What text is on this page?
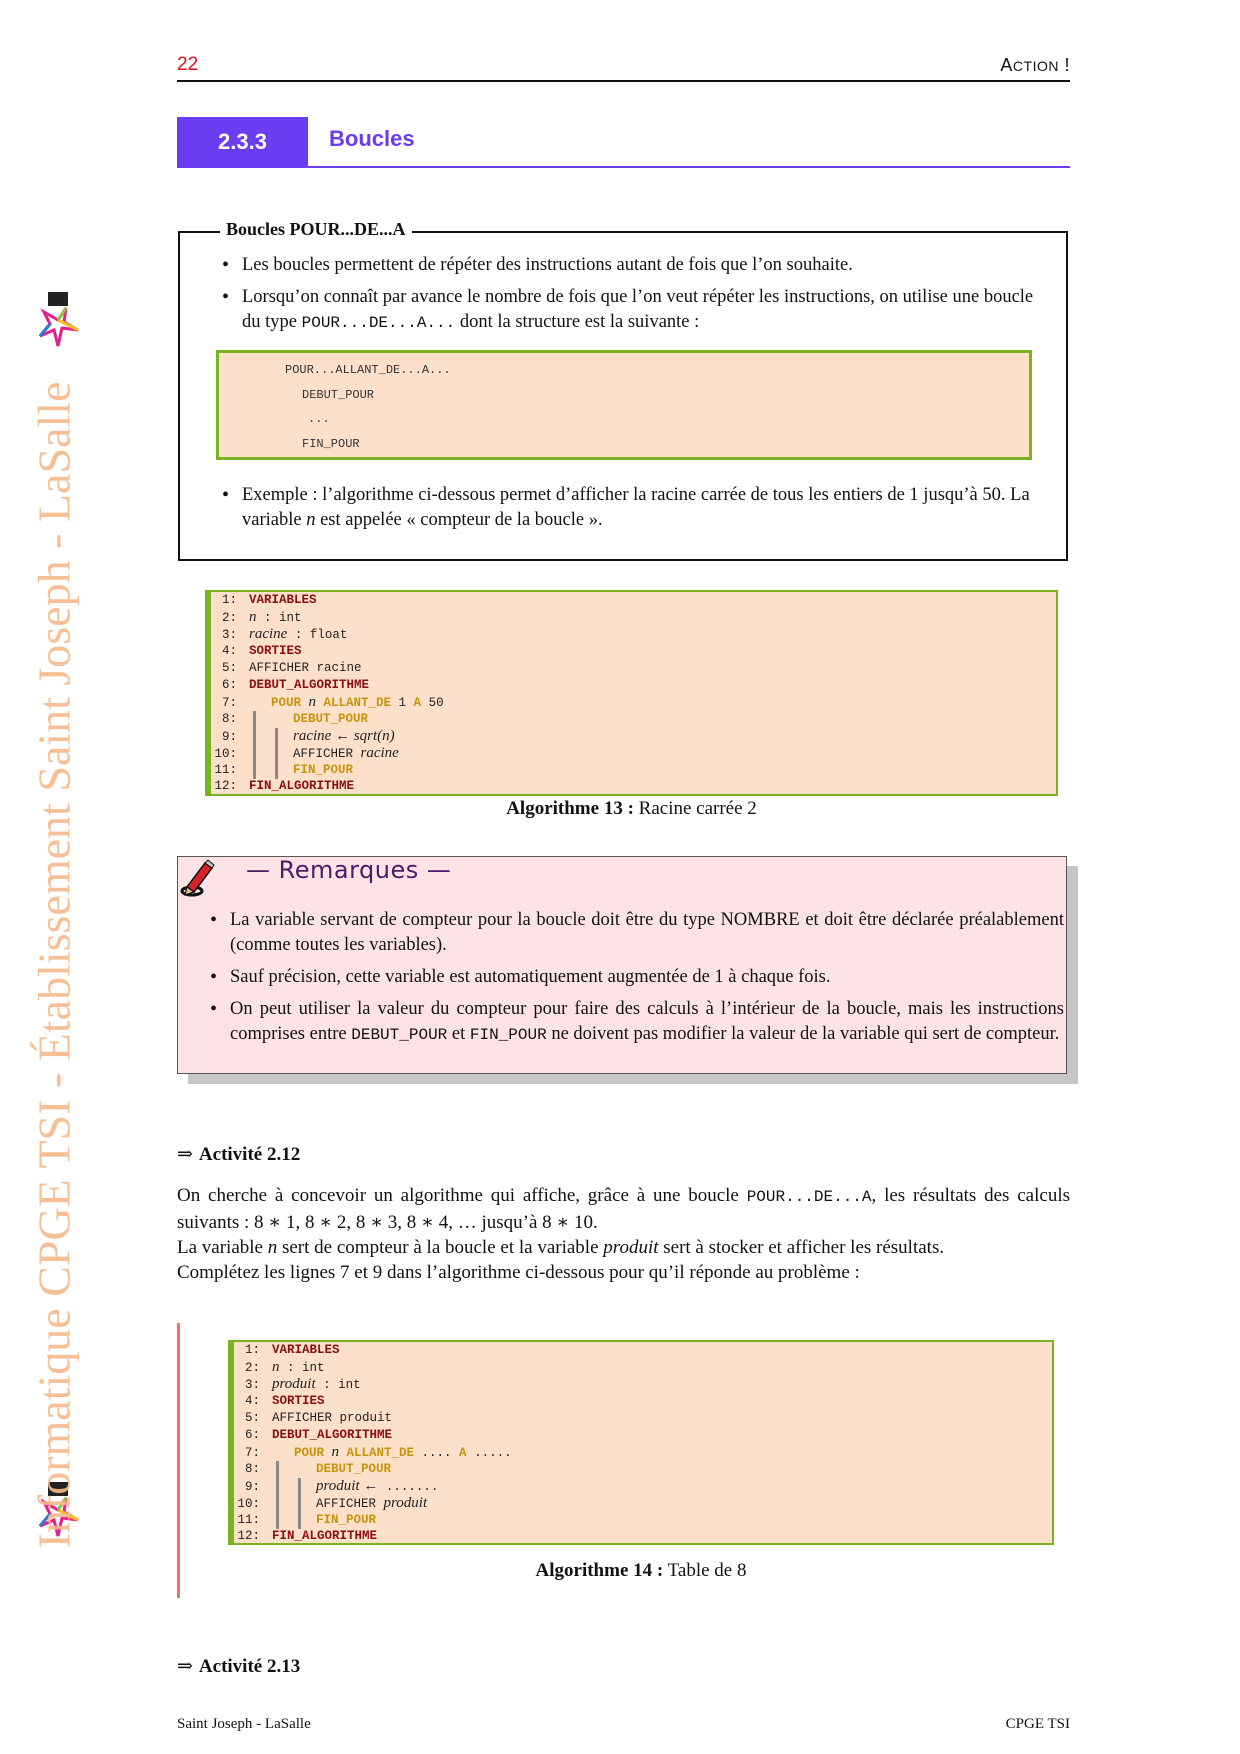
22	ACTION !
2.3.3	Boucles
Boucles POUR...DE...A
• Les boucles permettent de répéter des instructions autant de fois que l’on souhaite.
• Lorsqu’on connaît par avance le nombre de fois que l’on veut répéter les instructions, on utilise une boucle du type POUR...DE...A... dont la structure est la suivante :
POUR...ALLANT_DE...A...
DEBUT_POUR
...
FIN_POUR
• Exemple : l’algorithme ci-dessous permet d’afficher la racine carrée de tous les entiers de 1 jusqu’à 50. La variable n est appelée « compteur de la boucle ».
1: VARIABLES
2: n : int
3: racine : float
4: SORTIES
5: AFFICHER racine
6: DEBUT_ALGORITHME
7:	POUR n ALLANT_DE 1 A 50
8:	DEBUT_POUR
9:	racine ← sqrt(n)
10:	AFFICHER racine
11:	FIN_POUR
12: FIN_ALGORITHME
Algorithme 13 : Racine carrée 2
— Remarques —
• La variable servant de compteur pour la boucle doit être du type NOMBRE et doit être déclarée préalablement (comme toutes les variables).
• Sauf précision, cette variable est automatiquement augmentée de 1 à chaque fois.
• On peut utiliser la valeur du compteur pour faire des calculs à l’intérieur de la boucle, mais les instructions comprises entre DEBUT_POUR et FIN_POUR ne doivent pas modifier la valeur de la variable qui sert de compteur.
⇒ Activité 2.12
On cherche à concevoir un algorithme qui affiche, grâce à une boucle POUR...DE...A, les résultats des calculs suivants : 8 ∗ 1, 8 ∗ 2, 8 ∗ 3, 8 ∗ 4, … jusqu’à 8 ∗ 10.
La variable n sert de compteur à la boucle et la variable produit sert à stocker et afficher les résultats.
Complétez les lignes 7 et 9 dans l’algorithme ci-dessous pour qu’il réponde au problème :
1: VARIABLES
2: n : int
3: produit : int
4: SORTIES
5: AFFICHER produit
6: DEBUT_ALGORITHME
7:	POUR n ALLANT_DE .... A .....
8:	DEBUT_POUR
9:	produit ← .......
10:	AFFICHER produit
11:	FIN_POUR
12: FIN_ALGORITHME
Algorithme 14 : Table de 8
⇒ Activité 2.13
Saint Joseph - LaSalle	CPGE TSI
Informatique CPGE TSI - Établissement Saint Joseph - LaSalle
